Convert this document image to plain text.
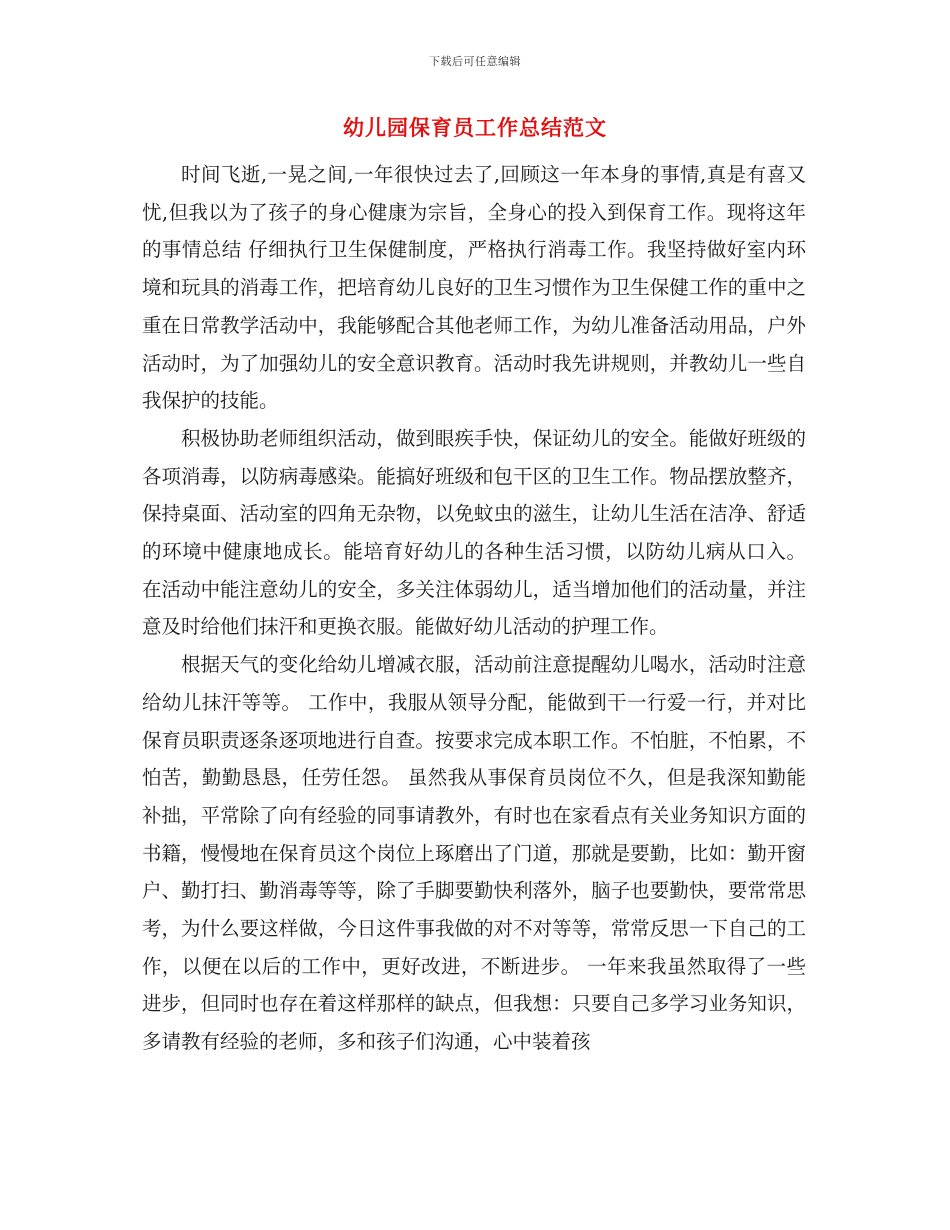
下载后可任意编辑
幼儿园保育员工作总结范文

时间飞逝,一晃之间,一年很快过去了,回顾这一年本身的事情,真是有喜又忧,但我以为了孩子的身心健康为宗旨，全身心的投入到保育工作。现将这年的事情总结 仔细执行卫生保健制度，严格执行消毒工作。我坚持做好室内环境和玩具的消毒工作，把培育幼儿良好的卫生习惯作为卫生保健工作的重中之重在日常教学活动中，我能够配合其他老师工作，为幼儿准备活动用品，户外活动时，为了加强幼儿的安全意识教育。活动时我先讲规则，并教幼儿一些自我保护的技能。

积极协助老师组织活动，做到眼疾手快，保证幼儿的安全。能做好班级的各项消毒，以防病毒感染。能搞好班级和包干区的卫生工作。物品摆放整齐，保持桌面、活动室的四角无杂物，以免蚊虫的滋生，让幼儿生活在洁净、舒适的环境中健康地成长。能培育好幼儿的各种生活习惯，以防幼儿病从口入。 在活动中能注意幼儿的安全，多关注体弱幼儿，适当增加他们的活动量，并注意及时给他们抹汗和更换衣服。能做好幼儿活动的护理工作。

根据天气的变化给幼儿增减衣服，活动前注意提醒幼儿喝水，活动时注意给幼儿抹汗等等。 工作中，我服从领导分配，能做到干一行爱一行，并对比保育员职责逐条逐项地进行自查。按要求完成本职工作。不怕脏，不怕累，不怕苦，勤勤恳恳，任劳任怨。 虽然我从事保育员岗位不久，但是我深知勤能补拙，平常除了向有经验的同事请教外，有时也在家看点有关业务知识方面的书籍，慢慢地在保育员这个岗位上琢磨出了门道，那就是要勤，比如：勤开窗户、勤打扫、勤消毒等等，除了手脚要勤快利落外，脑子也要勤快，要常常思考，为什么要这样做，今日这件事我做的对不对等等，常常反思一下自己的工作，以便在以后的工作中，更好改进，不断进步。 一年来我虽然取得了一些进步，但同时也存在着这样那样的缺点，但我想：只要自己多学习业务知识，多请教有经验的老师，多和孩子们沟通，心中装着孩
